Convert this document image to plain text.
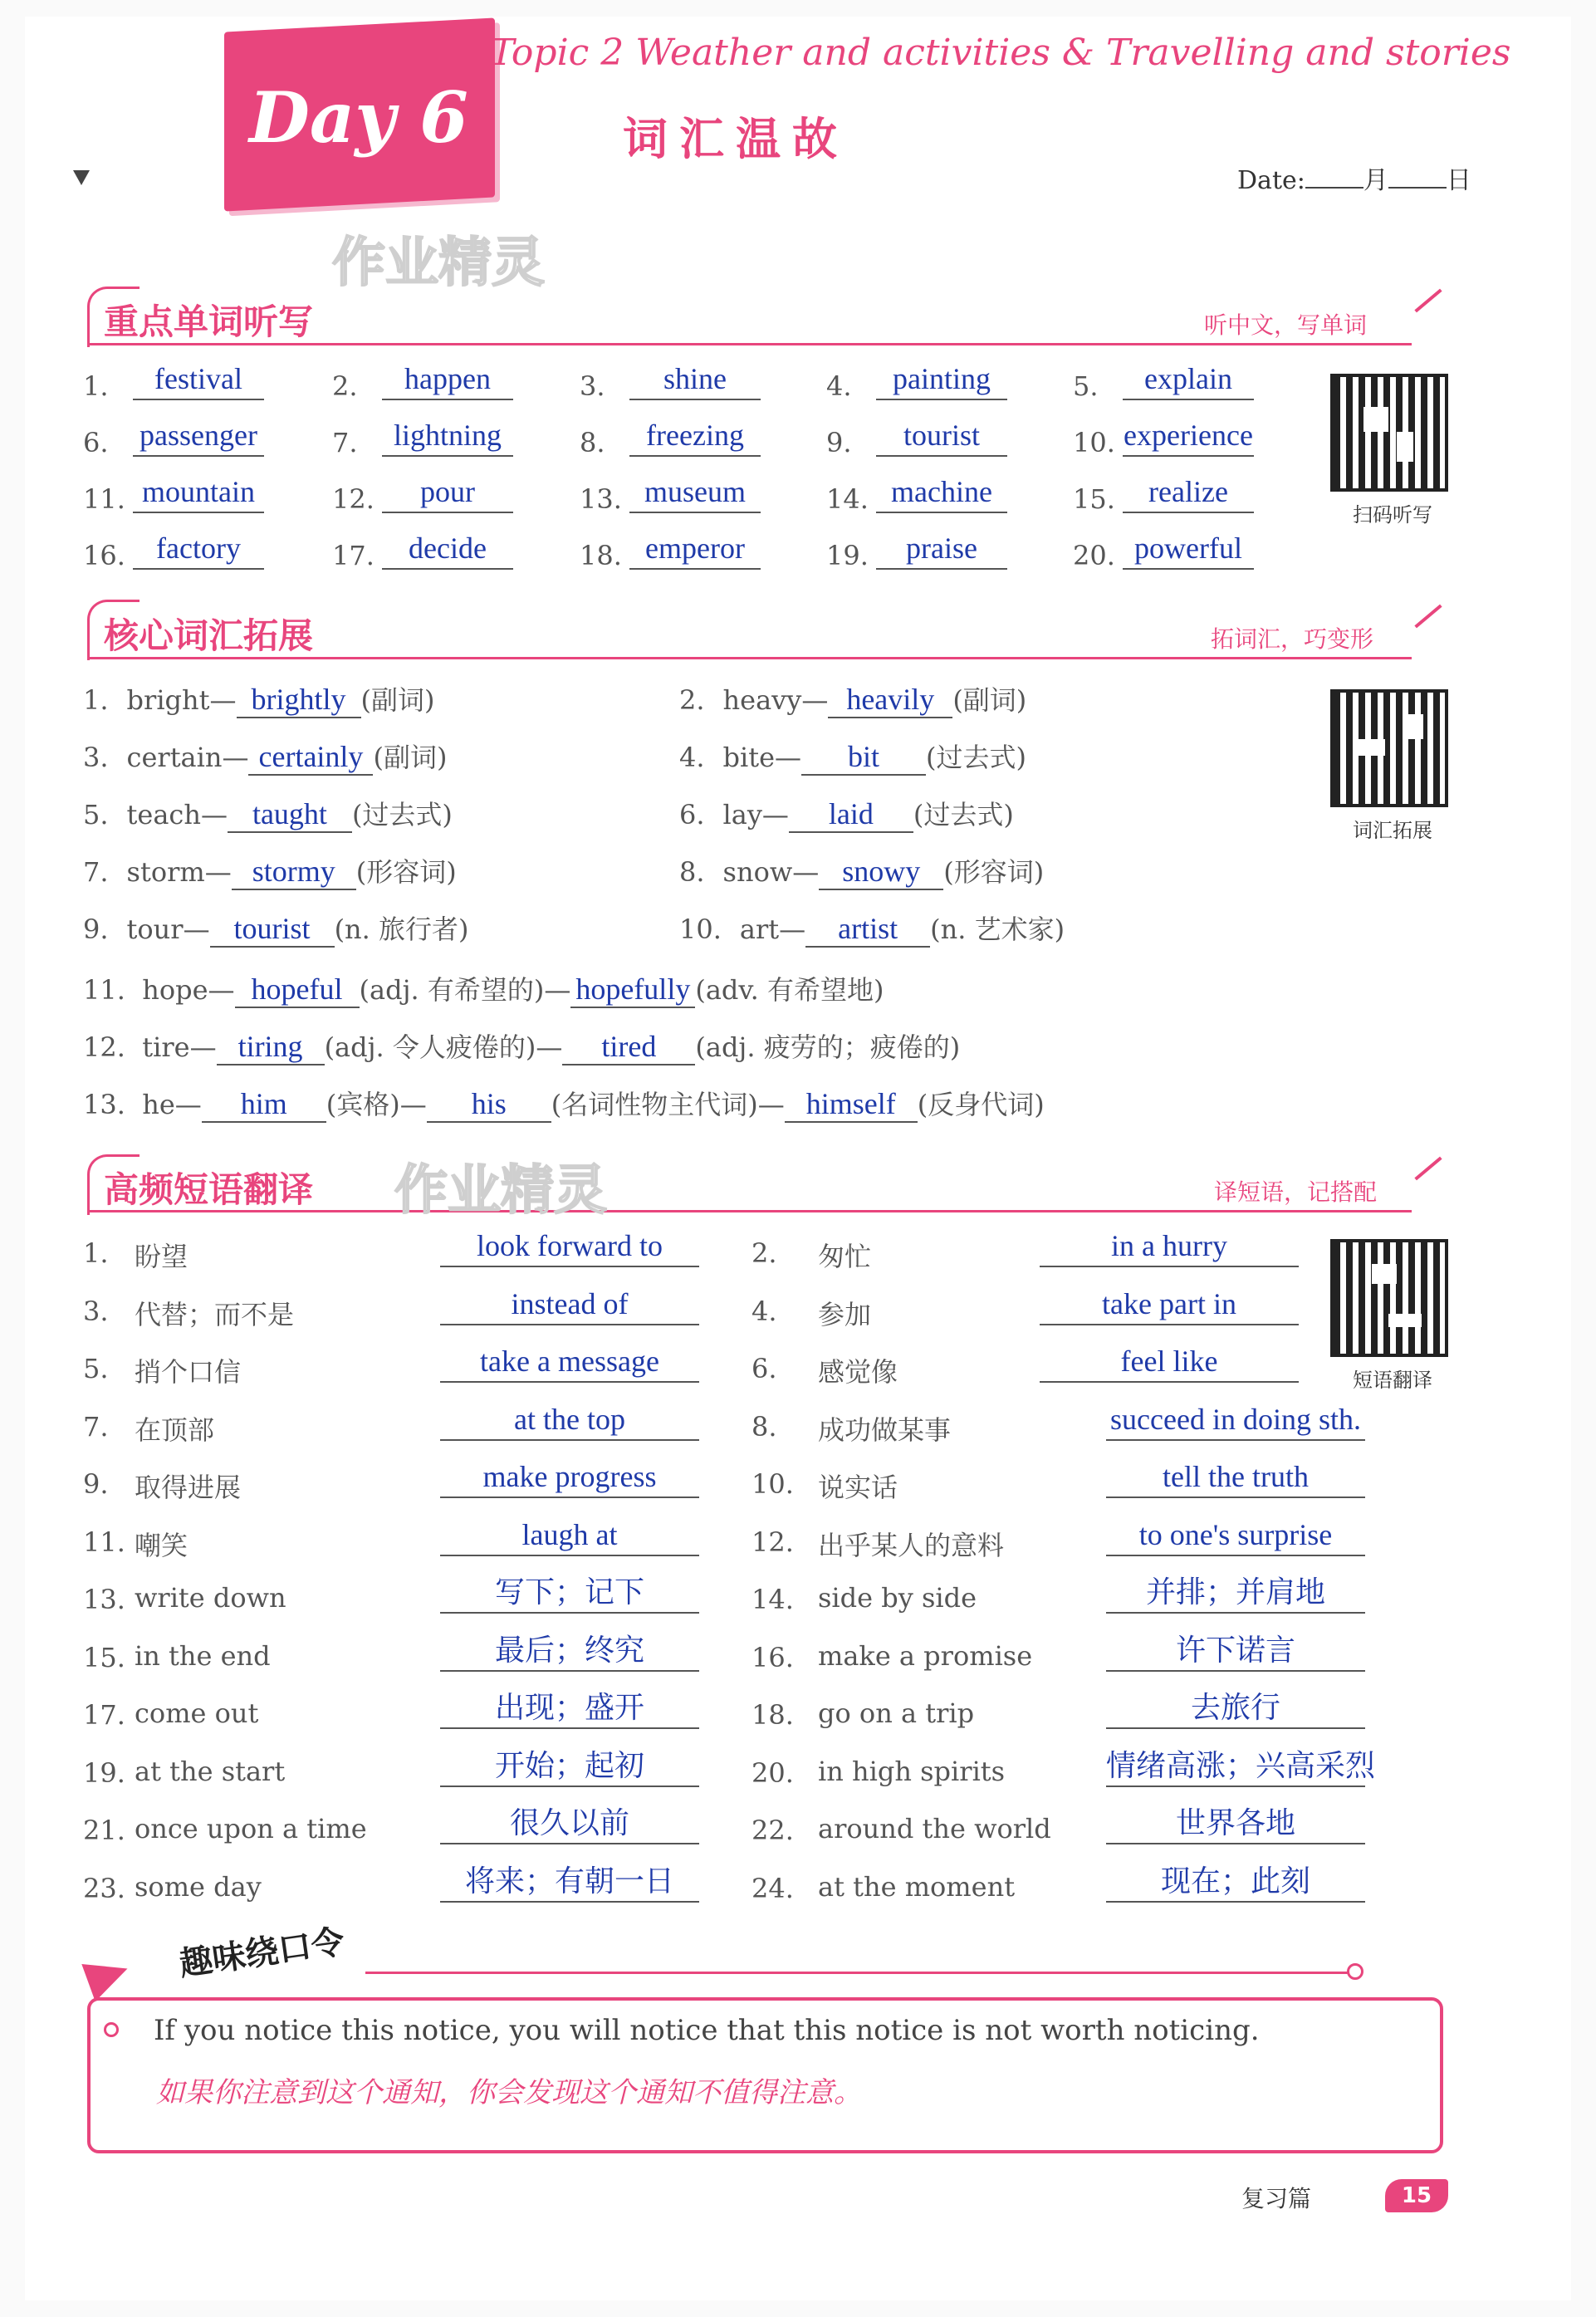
Day 6
Topic 2 Weather and activities & Travelling and stories
词汇温故
Date: 月 日
作业精灵
重点单词听写	听中文，写单词
1.	festival	2.	happen	3.	shine	4.	painting	5.	explain
6. passenger	7.	lightning	8.	freezing	9.	tourist	10. experience
11. mountain	12.	pour	13. museum	14. machine	15.	realize
16.	factory	17.	decide	18. emperor	19.	praise	20. powerful
扫码听写
核心词汇拓展	拓词汇，巧变形
1. bright— brightly (副词)	2. heavy— heavily (副词)
3. certain— certainly (副词)	4. bite— bit (过去式)
5. teach— taught (过去式)	6. lay— laid (过去式)
7. storm— stormy (形容词)	8. snow— snowy (形容词)
9. tour— tourist (n. 旅行者)	10. art— artist (n. 艺术家)
词汇拓展
11. hope— hopeful (adj. 有希望的)— hopefully (adv. 有希望地)
12. tire— tiring (adj. 令人疲倦的)— tired (adj. 疲劳的；疲倦的)
13. he— him (宾格)— his (名词性物主代词)— himself (反身代词)
高频短语翻译	译短语，记搭配
作业精灵
1. 盼望	look forward to	2. 匆忙	in a hurry
3. 代替；而不是	instead of	4. 参加	take part in
5. 捎个口信	take a message	6. 感觉像	feel like
7. 在顶部	at the top	8. 成功做某事	succeed in doing sth.
9. 取得进展	make progress	10. 说实话	tell the truth
11. 嘲笑	laugh at	12. 出乎某人的意料	to one's surprise
13. write down	写下；记下	14. side by side	并排；并肩地
15. in the end	最后；终究	16. make a promise	许下诺言
17. come out	出现；盛开	18. go on a trip	去旅行
19. at the start	开始；起初	20. in high spirits	情绪高涨；兴高采烈
21. once upon a time	很久以前	22. around the world	世界各地
23. some day	将来；有朝一日	24. at the moment	现在；此刻
短语翻译
趣味绕口令
If you notice this notice, you will notice that this notice is not worth noticing.
如果你注意到这个通知，你会发现这个通知不值得注意。
复习篇	15
